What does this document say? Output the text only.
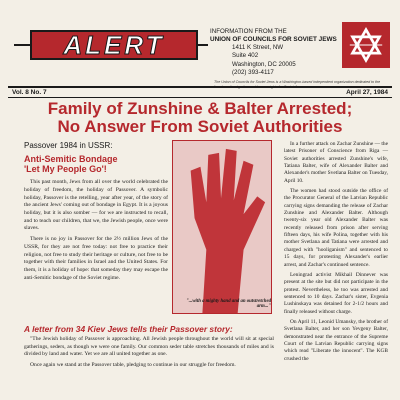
ALERT	INFORMATION FROM THE
UNION OF COUNCILS FOR SOVIET JEWS
1411 K Street, NW
Suite 402
Washington, DC 20005
(202) 393-4117
The Union of Councils for Soviet Jews is a Washington-based independent organization dedicated to the freedom of emigration and human rights for Soviet Jews.
Vol. 8 No. 7	April 27, 1984
Family of Zunshine & Balter Arrested;
No Answer From Soviet Authorities
Passover 1984 in USSR:
Anti-Semitic Bondage
'Let My People Go'!

This past month, Jews from all over the world celebrated the holiday of freedom, the holiday of Passover. A symbolic holiday, Passover is the retelling, year after year, of the story of the ancient Jews' coming out of bondage in Egypt. It is a joyous holiday, but it is also somber — for we are instructed to recall, and to teach our children, that we, the Jewish people, once were slaves.

There is no joy in Passover for the 2½ million Jews of the USSR, for they are not free today: not free to practice their religion, not free to study their heritage or culture, not free to be together with their families in Israel and the United States. For them, it is a holiday of hope: that someday they may escape the anti-Semitic bondage of the Soviet regime.

"...with a mighty hand and an outstretched arm..."

In a further attack on Zachar Zunshine — the latest Prisoner of Conscience from Riga — Soviet authorities arrested Zunshine's wife, Tatiana Balter, wife of Alexander Balter and Alexander's mother Svetlana Balter on Tuesday, April 10.

The women had stood outside the office of the Procurator General of the Latvian Republic carrying signs demanding the release of Zachar Zunshine and Alexander Balter. Although twenty-six year old Alexander Balter was recently released from prison after serving fifteen days, his wife Polina, together with his mother Svetlana and Tatiana were arrested and charged with "hooliganism" and sentenced to 15 days, for protesting Alexander's earlier arrest, and Zachar's continued sentence.

Leningrad activist Mikhail Dinnever was present at the site but did not participate in the protest. Nevertheless, he too was arrested and sentenced to 10 days. Zachar's sister, Evgenia Lushinskaya was detained for 2-1/2 hours and finally released without charge.

On April 11, Leonid Umansky, the brother of Svetlana Balter, and her son Yevgeny Balter, demonstrated near the entrance of the Supreme Court of the Latvian Republic carrying signs which read "Liberate the innocent". The KGB crushed the

A letter from 34 Kiev Jews tells their Passover story:

"The Jewish holiday of Passover is approaching. All Jewish people throughout the world will sit at special gatherings, seders, as though we were one family. Our common seder table stretches thousands of miles and is divided by land and water. Yet we are all united together as one.

Once again we stand at the Passover table, pledging to continue in our struggle for freedom.
